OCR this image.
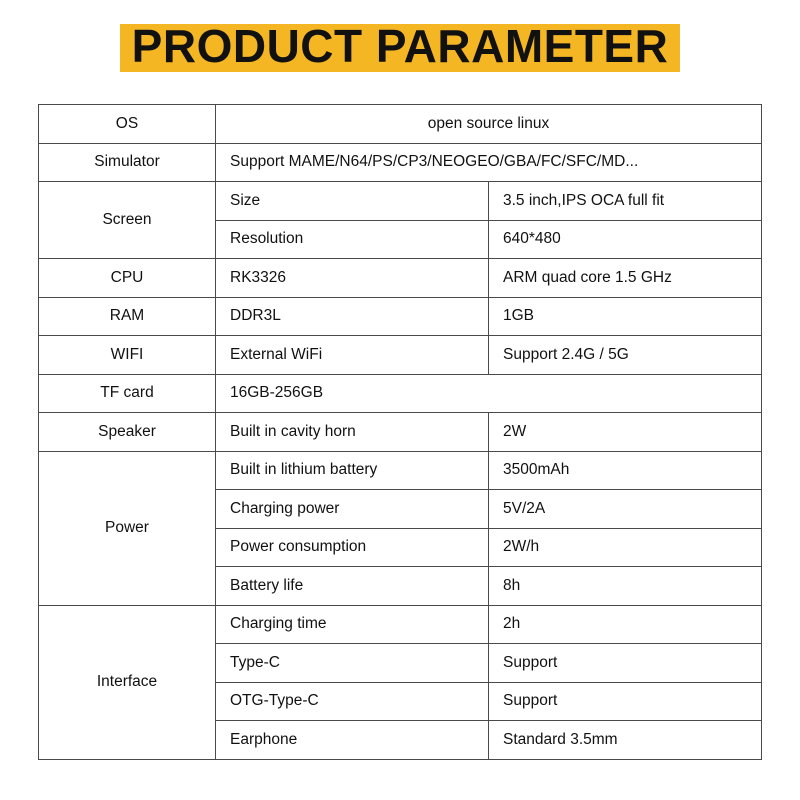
PRODUCT PARAMETER
OS	open source linux	
Simulator	Support MAME/N64/PS/CP3/NEOGEO/GBA/FC/SFC/MD...	
Screen	Size	3.5 inch,IPS OCA full fit
	Resolution	640*480
CPU	RK3326	ARM quad core 1.5 GHz
RAM	DDR3L	1GB
WIFI	External WiFi	Support 2.4G / 5G
TF card	16GB-256GB	
Speaker	Built in cavity horn	2W
Power	Built in lithium battery	3500mAh
	Charging power	5V/2A
	Power consumption	2W/h
	Battery life	8h
Interface	Charging time	2h
	Type-C	Support
	OTG-Type-C	Support
	Earphone	Standard 3.5mm
